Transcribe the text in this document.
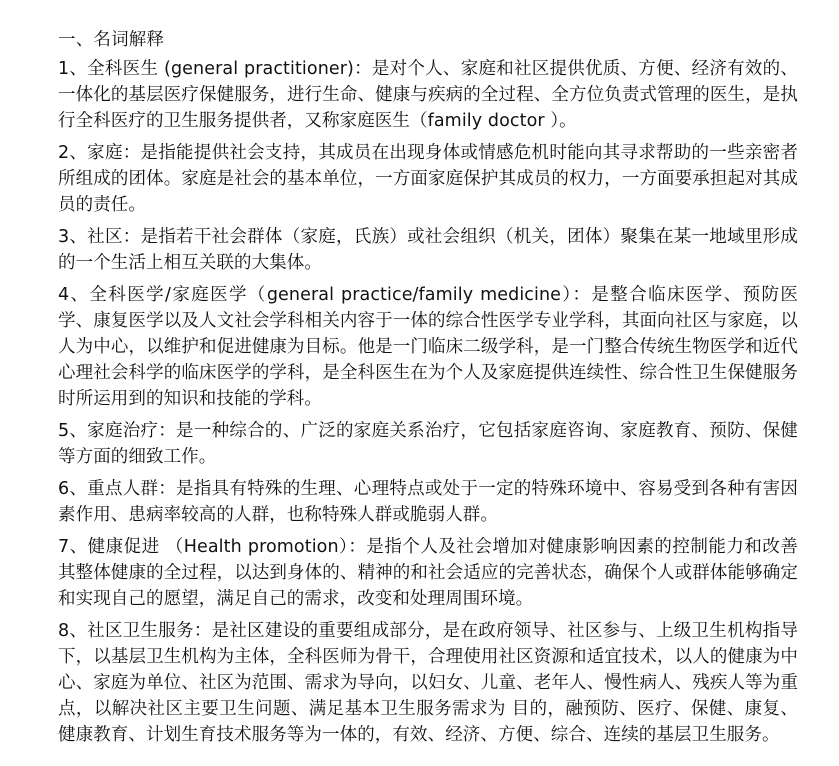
一、名词解释

1、全科医生 (general practitioner)：是对个人、家庭和社区提供优质、方便、经济有效的、一体化的基层医疗保健服务，进行生命、健康与疾病的全过程、全方位负责式管理的医生，是执行全科医疗的卫生服务提供者，又称家庭医生（family doctor ）。

2、家庭：是指能提供社会支持，其成员在出现身体或情感危机时能向其寻求帮助的一些亲密者所组成的团体。家庭是社会的基本单位，一方面家庭保护其成员的权力，一方面要承担起对其成员的责任。

3、社区：是指若干社会群体（家庭，氏族）或社会组织（机关，团体）聚集在某一地域里形成的一个生活上相互关联的大集体。

4、全科医学/家庭医学（general practice/family medicine）：是整合临床医学、预防医学、康复医学以及人文社会学科相关内容于一体的综合性医学专业学科，其面向社区与家庭，以人为中心，以维护和促进健康为目标。他是一门临床二级学科，是一门整合传统生物医学和近代心理社会科学的临床医学的学科，是全科医生在为个人及家庭提供连续性、综合性卫生保健服务时所运用到的知识和技能的学科。

5、家庭治疗：是一种综合的、广泛的家庭关系治疗，它包括家庭咨询、家庭教育、预防、保健等方面的细致工作。

6、重点人群：是指具有特殊的生理、心理特点或处于一定的特殊环境中、容易受到各种有害因素作用、患病率较高的人群，也称特殊人群或脆弱人群。

7、健康促进 （Health promotion）：是指个人及社会增加对健康影响因素的控制能力和改善其整体健康的全过程，以达到身体的、精神的和社会适应的完善状态，确保个人或群体能够确定和实现自己的愿望，满足自己的需求，改变和处理周围环境。

8、社区卫生服务：是社区建设的重要组成部分，是在政府领导、社区参与、上级卫生机构指导下，以基层卫生机构为主体，全科医师为骨干，合理使用社区资源和适宜技术，以人的健康为中心、家庭为单位、社区为范围、需求为导向，以妇女、儿童、老年人、慢性病人、残疾人等为重点，以解决社区主要卫生问题、满足基本卫生服务需求为 目的，融预防、医疗、保健、康复、健康教育、计划生育技术服务等为一体的，有效、经济、方便、综合、连续的基层卫生服务。
